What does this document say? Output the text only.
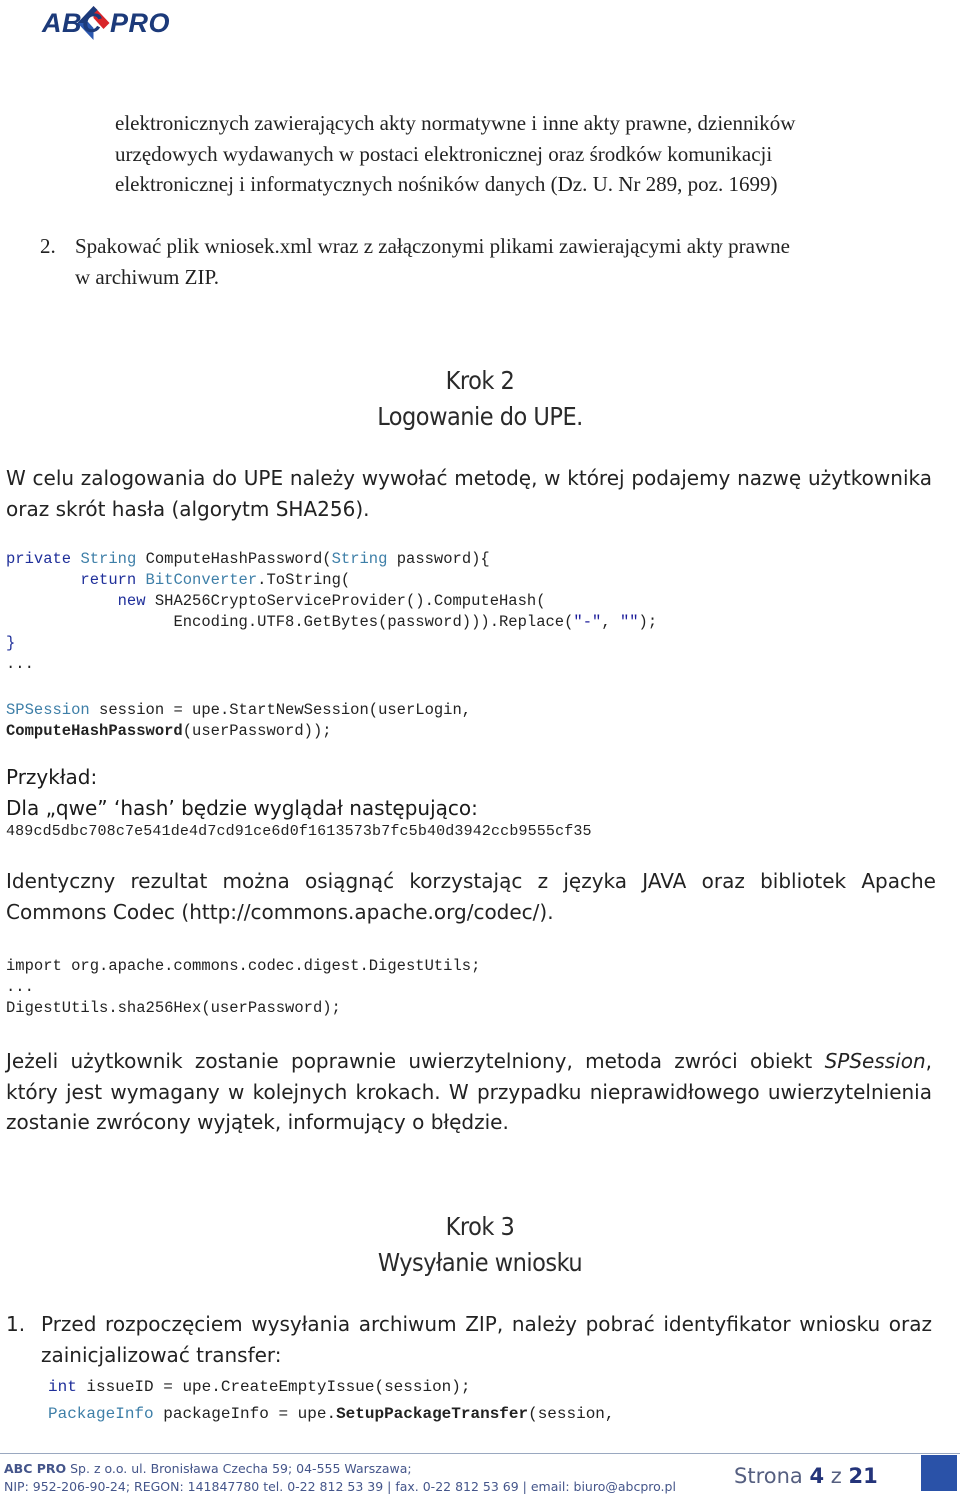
ABC PRO
elektronicznych zawierających akty normatywne i inne akty prawne, dzienników
urzędowych wydawanych w postaci elektronicznej oraz środków komunikacji
elektronicznej i informatycznych nośników danych (Dz. U. Nr 289, poz. 1699)
2. Spakować plik wniosek.xml wraz z załączonymi plikami zawierającymi akty prawne
w archiwum ZIP.
Krok 2
Logowanie do UPE.
W celu zalogowania do UPE należy wywołać metodę, w której podajemy nazwę użytkownika oraz skrót hasła (algorytm SHA256).
private String ComputeHashPassword(String password){
return BitConverter.ToString(
new SHA256CryptoServiceProvider().ComputeHash(
Encoding.UTF8.GetBytes(password))).Replace("-", "");
}
...
SPSession session = upe.StartNewSession(userLogin,
ComputeHashPassword(userPassword));
Przykład:
Dla „qwe” ‘hash’ będzie wyglądał następująco:
489cd5dbc708c7e541de4d7cd91ce6d0f1613573b7fc5b40d3942ccb9555cf35
Identyczny rezultat można osiągnąć korzystając z języka JAVA oraz bibliotek Apache
Commons Codec (http://commons.apache.org/codec/).
import org.apache.commons.codec.digest.DigestUtils;
...
DigestUtils.sha256Hex(userPassword);
Jeżeli użytkownik zostanie poprawnie uwierzytelniony, metoda zwróci obiekt SPSession, który jest wymagany w kolejnych krokach. W przypadku nieprawidłowego uwierzytelnienia zostanie zwrócony wyjątek, informujący o błędzie.
Krok 3
Wysyłanie wniosku
1. Przed rozpoczęciem wysyłania archiwum ZIP, należy pobrać identyfikator wniosku oraz zainicjalizować transfer:
int issueID = upe.CreateEmptyIssue(session);
PackageInfo packageInfo = upe.SetupPackageTransfer(session,
ABC PRO Sp. z o.o. ul. Bronisława Czecha 59; 04-555 Warszawa;
NIP: 952-206-90-24; REGON: 141847780 tel. 0-22 812 53 39 | fax. 0-22 812 53 69 | email: biuro@abcpro.pl	Strona 4 z 21
